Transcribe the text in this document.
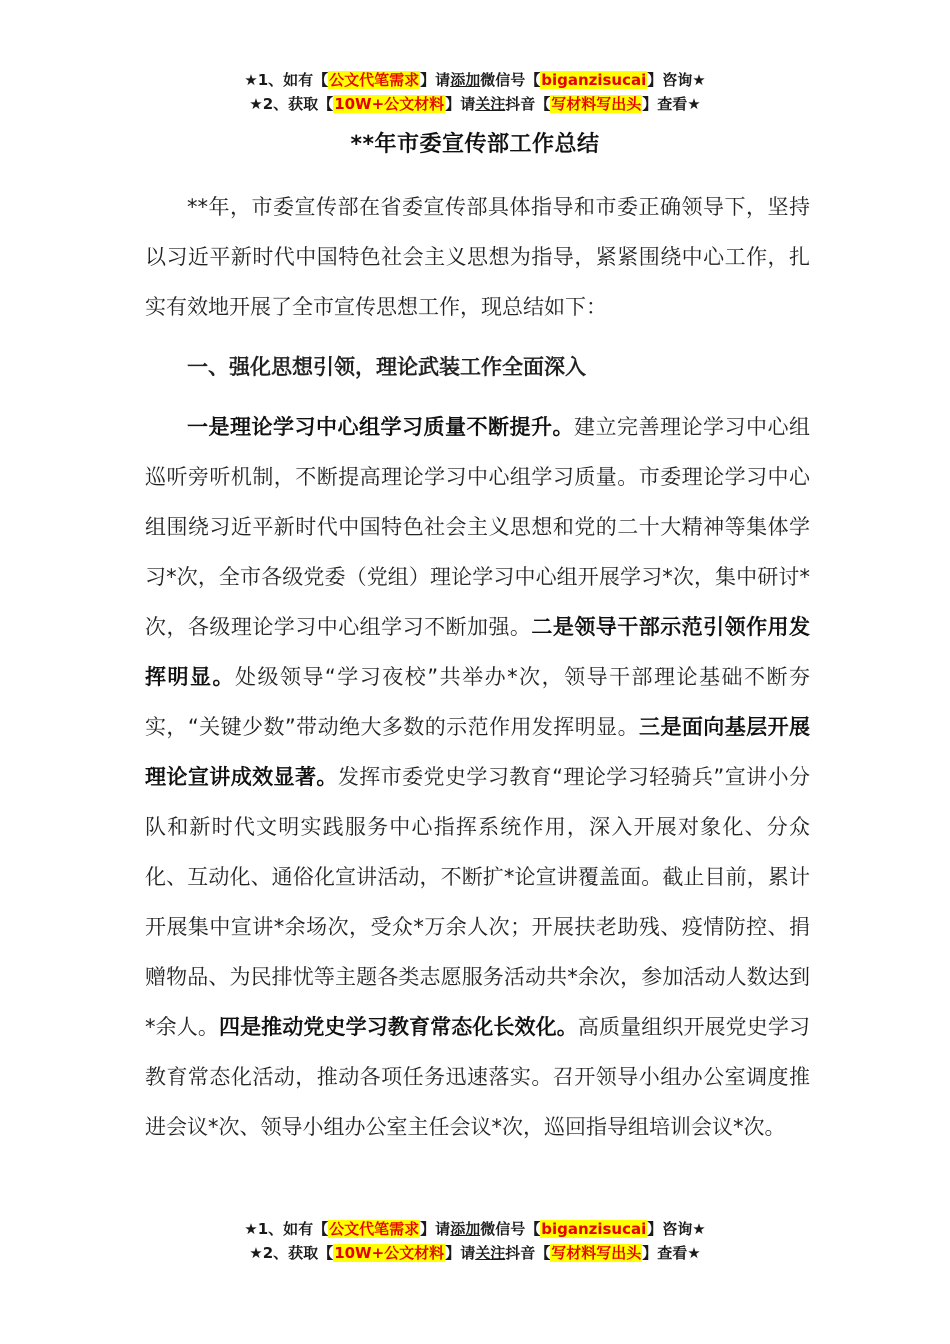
★1、如有【公文代笔需求】请添加微信号【biganzisucai】咨询★
★2、获取【10W+公文材料】请关注抖音【写材料写出头】查看★
**年市委宣传部工作总结

**年，市委宣传部在省委宣传部具体指导和市委正确领导下，坚持以习近平新时代中国特色社会主义思想为指导，紧紧围绕中心工作，扎实有效地开展了全市宣传思想工作，现总结如下：

一、强化思想引领，理论武装工作全面深入

一是理论学习中心组学习质量不断提升。建立完善理论学习中心组巡听旁听机制，不断提高理论学习中心组学习质量。市委理论学习中心组围绕习近平新时代中国特色社会主义思想和党的二十大精神等集体学习*次，全市各级党委（党组）理论学习中心组开展学习*次，集中研讨*次，各级理论学习中心组学习不断加强。二是领导干部示范引领作用发挥明显。处级领导“学习夜校”共举办*次，领导干部理论基础不断夯实，“关键少数”带动绝大多数的示范作用发挥明显。三是面向基层开展理论宣讲成效显著。发挥市委党史学习教育“理论学习轻骑兵”宣讲小分队和新时代文明实践服务中心指挥系统作用，深入开展对象化、分众化、互动化、通俗化宣讲活动，不断扩*论宣讲覆盖面。截止目前，累计开展集中宣讲*余场次，受众*万余人次；开展扶老助残、疫情防控、捐赠物品、为民排忧等主题各类志愿服务活动共*余次，参加活动人数达到*余人。四是推动党史学习教育常态化长效化。高质量组织开展党史学习教育常态化活动，推动各项任务迅速落实。召开领导小组办公室调度推进会议*次、领导小组办公室主任会议*次，巡回指导组培训会议*次。

★1、如有【公文代笔需求】请添加微信号【biganzisucai】咨询★
★2、获取【10W+公文材料】请关注抖音【写材料写出头】查看★
